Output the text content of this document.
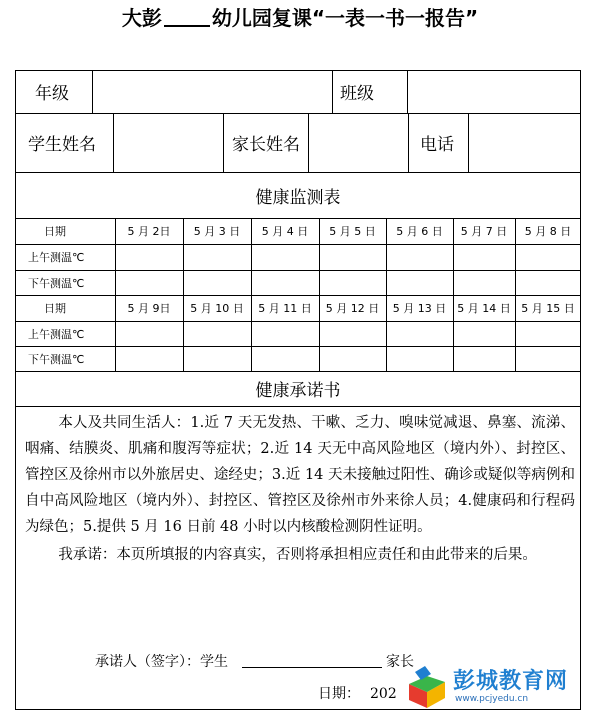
大彭	幼儿园复课“一表一书一报告”
年级	班级
学生姓名	家长姓名	电话
健康监测表
日期	5 月 2日	5 月 3 日	5 月 4 日	5 月 5 日	5 月 6 日	5 月 7 日	5 月 8 日
上午测温℃
下午测温℃
日期	5 月 9日	5 月 10 日	5 月 11 日	5 月 12 日	5 月 13 日	5 月 14 日 5 月 15 日
上午测温℃
下午测温℃
健康承诺书

本人及共同生活人：1.近 7 天无发热、干嗽、乏力、嗅味觉减退、鼻塞、流涕、咽痛、结膜炎、肌痛和腹泻等症状；2.近 14 天无中高风险地区（境内外）、封控区、管控区及徐州市以外旅居史、途经史；3.近 14 天未接触过阳性、确诊或疑似等病例和自中高风险地区（境内外）、封控区、管控区及徐州市外来徐人员；4.健康码和行程码为绿色；5.提供 5 月 16 日前 48 小时以内核酸检测阴性证明。

我承诺：本页所填报的内容真实，否则将承担相应责任和由此带来的后果。

承诺人（签字）：学生	家长
日期： 202	彭城教育网
www.pcjyedu.cn
